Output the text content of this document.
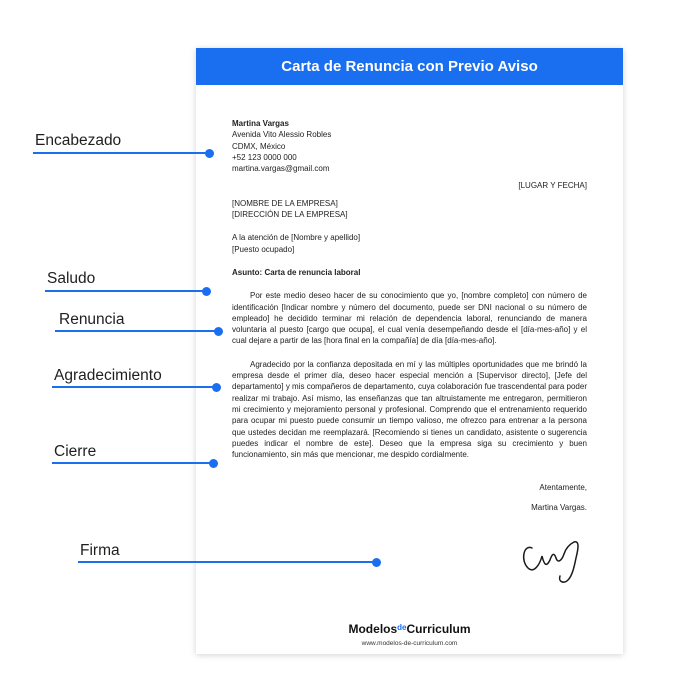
Carta de Renuncia con Previo Aviso

Martina Vargas

Avenida Vito Alessio Robles

CDMX, México

+52 123 0000 000

martina.vargas@gmail.com

[LUGAR Y FECHA]

[NOMBRE DE LA EMPRESA]

[DIRECCIÓN DE LA EMPRESA]

A la atención de [Nombre y apellido]

[Puesto ocupado]

Asunto: Carta de renuncia laboral

Por este medio deseo hacer de su conocimiento que yo, [nombre completo] con número de identificación [Indicar nombre y número del documento, puede ser DNI nacional o su número de empleado] he decidido terminar mi relación de dependencia laboral, renunciando de manera voluntaria al puesto [cargo que ocupa], el cual venía desempeñando desde el [día-mes-año] y el cual dejare a partir de las [hora final en la compañía] de día [día-mes-año].

Agradecido por la confianza depositada en mí y las múltiples oportunidades que me brindó la empresa desde el primer día, deseo hacer especial mención a [Supervisor directo], [Jefe del departamento] y mis compañeros de departamento, cuya colaboración fue trascendental para poder realizar mi trabajo. Así mismo, las enseñanzas que tan altruistamente me entregaron, permitieron mi crecimiento y mejoramiento personal y profesional. Comprendo que el entrenamiento requerido para ocupar mi puesto puede consumir un tiempo valioso, me ofrezco para entrenar a la persona que ustedes decidan me reemplazará. [Recomiendo si tienes un candidato, asistente o sugerencia puedes indicar el nombre de este]. Deseo que la empresa siga su crecimiento y buen funcionamiento, sin más que mencionar, me despido cordialmente.

Atentamente,

Martina Vargas.

Modelos$^{de}$Curriculum
www.modelos-de-curriculum.com
Encabezado
Saludo
Renuncia
Agradecimiento
Cierre
Firma
